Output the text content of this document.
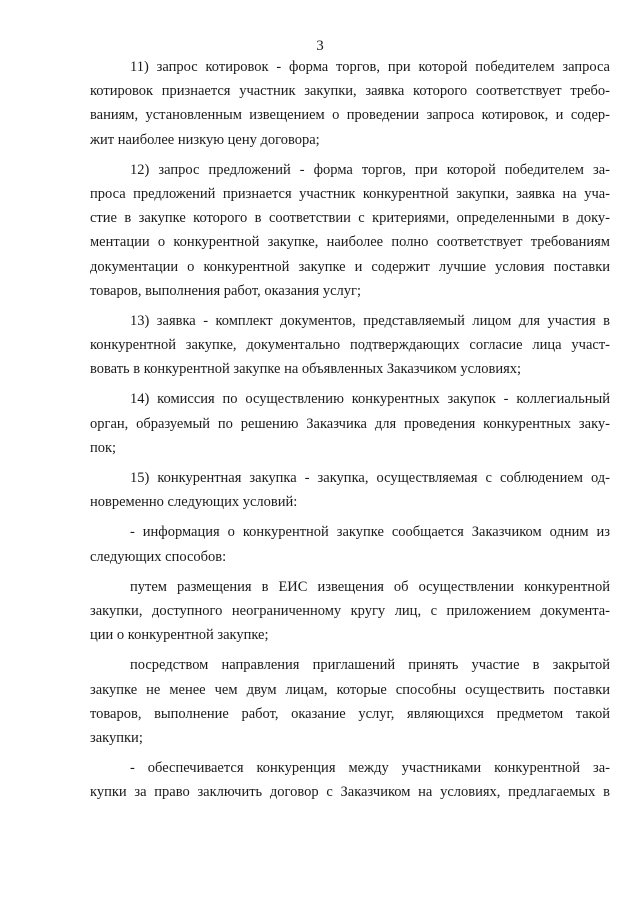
3
11) запрос котировок - форма торгов, при которой победителем запроса
котировок признается участник закупки, заявка которого соответствует требо-
ваниям, установленным извещением о проведении запроса котировок, и содер-
жит наиболее низкую цену договора;
12) запрос предложений - форма торгов, при которой победителем за-
проса предложений признается участник конкурентной закупки, заявка на уча-
стие в закупке которого в соответствии с критериями, определенными в доку-
ментации о конкурентной закупке, наиболее полно соответствует требованиям
документации о конкурентной закупке и содержит лучшие условия поставки
товаров, выполнения работ, оказания услуг;
13) заявка - комплект документов, представляемый лицом для участия в
конкурентной закупке, документально подтверждающих согласие лица участ-
вовать в конкурентной закупке на объявленных Заказчиком условиях;
14) комиссия по осуществлению конкурентных закупок - коллегиальный
орган, образуемый по решению Заказчика для проведения конкурентных заку-
пок;
15) конкурентная закупка - закупка, осуществляемая с соблюдением од-
новременно следующих условий:
- информация о конкурентной закупке сообщается Заказчиком одним из
следующих способов:
путем размещения в ЕИС извещения об осуществлении конкурентной
закупки, доступного неограниченному кругу лиц, с приложением документа-
ции о конкурентной закупке;
посредством направления приглашений принять участие в закрытой
закупке не менее чем двум лицам, которые способны осуществить поставки
товаров, выполнение работ, оказание услуг, являющихся предметом такой
закупки;
- обеспечивается конкуренция между участниками конкурентной за-
купки за право заключить договор с Заказчиком на условиях, предлагаемых в
